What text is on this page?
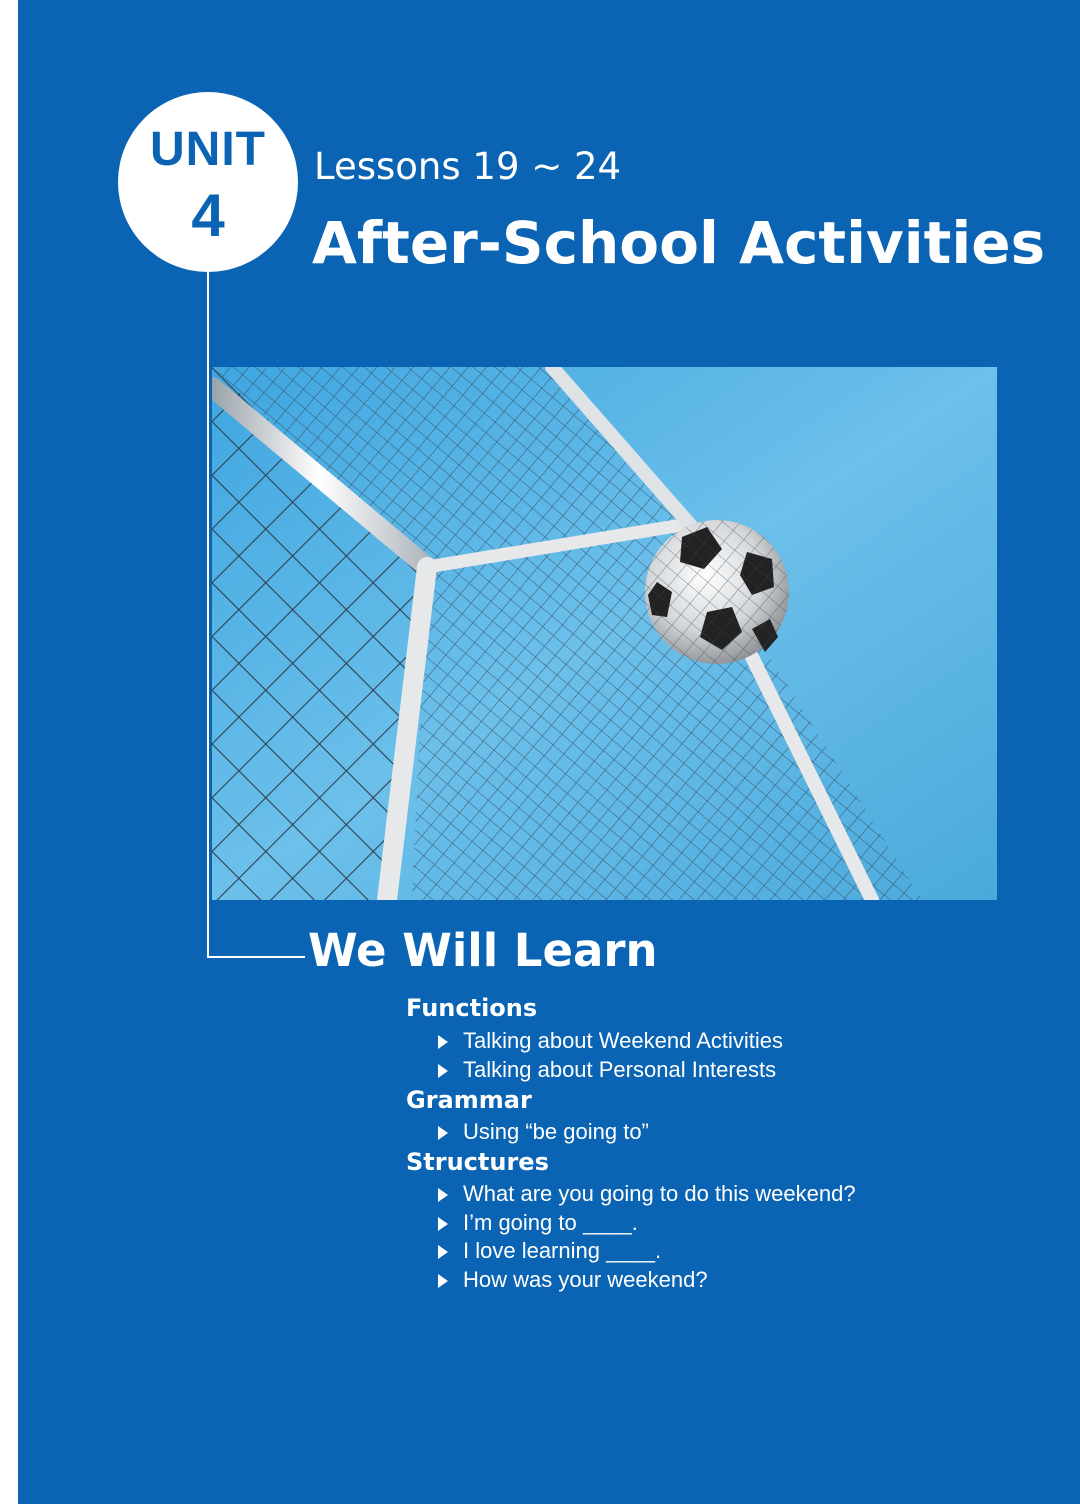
UNIT
4
Lessons 19 ~ 24
After-School Activities
We Will Learn
Functions
Talking about Weekend Activities
Talking about Personal Interests
Grammar
Using “be going to”
Structures
What are you going to do this weekend?
I’m going to ____.
I love learning ____.
How was your weekend?
